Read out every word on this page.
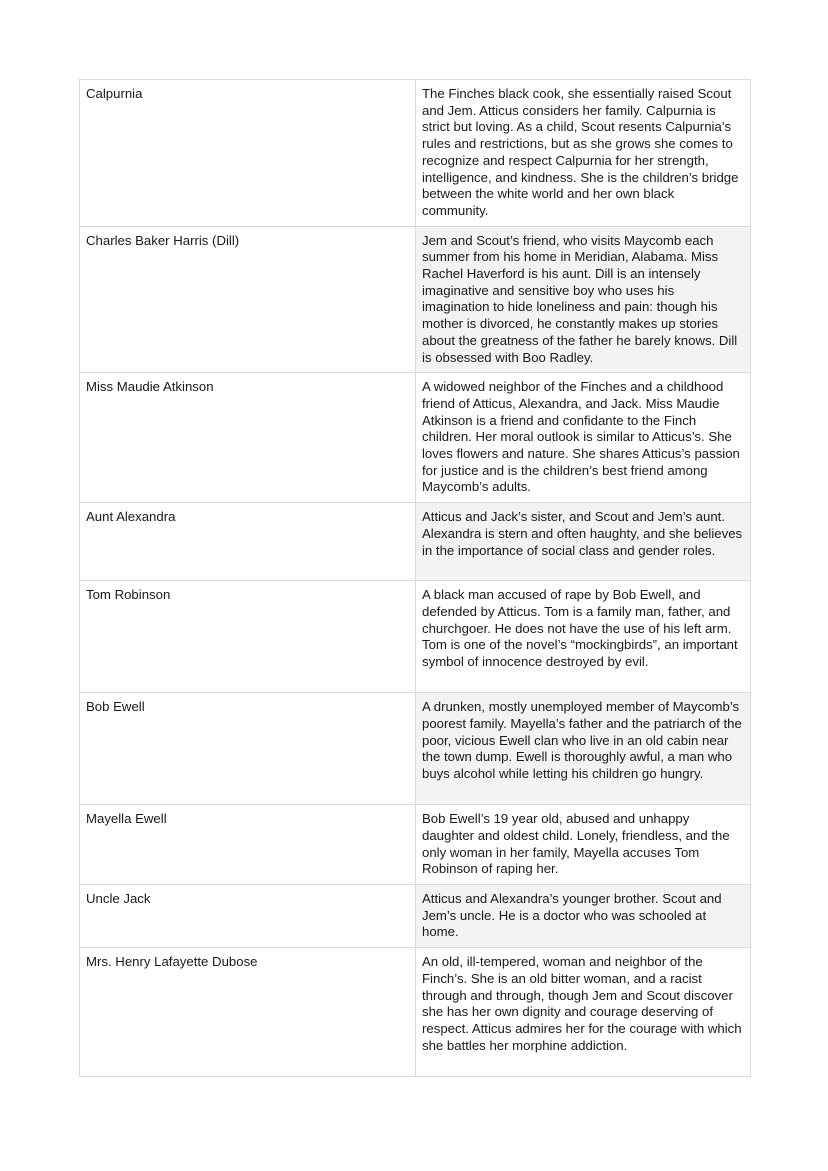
Calpurnia	The Finches black cook, she essentially raised Scout and Jem. Atticus considers her family. Calpurnia is strict but loving. As a child, Scout resents Calpurnia’s rules and restrictions, but as she grows she comes to recognize and respect Calpurnia for her strength, intelligence, and kindness. She is the children’s bridge between the white world and her own black community.
Charles Baker Harris (Dill)	Jem and Scout’s friend, who visits Maycomb each summer from his home in Meridian, Alabama. Miss Rachel Haverford is his aunt. Dill is an intensely imaginative and sensitive boy who uses his imagination to hide loneliness and pain: though his mother is divorced, he constantly makes up stories about the greatness of the father he barely knows. Dill is obsessed with Boo Radley.
Miss Maudie Atkinson	A widowed neighbor of the Finches and a childhood friend of Atticus, Alexandra, and Jack. Miss Maudie Atkinson is a friend and confidante to the Finch children. Her moral outlook is similar to Atticus’s. She loves flowers and nature. She shares Atticus’s passion for justice and is the children’s best friend among Maycomb’s adults.
Aunt Alexandra	Atticus and Jack’s sister, and Scout and Jem’s aunt. Alexandra is stern and often haughty, and she believes in the importance of social class and gender roles.
Tom Robinson	A black man accused of rape by Bob Ewell, and defended by Atticus. Tom is a family man, father, and churchgoer. He does not have the use of his left arm. Tom is one of the novel’s “mockingbirds”, an important symbol of innocence destroyed by evil.
Bob Ewell	A drunken, mostly unemployed member of Maycomb’s poorest family. Mayella’s father and the patriarch of the poor, vicious Ewell clan who live in an old cabin near the town dump. Ewell is thoroughly awful, a man who buys alcohol while letting his children go hungry.
Mayella Ewell	Bob Ewell’s 19 year old, abused and unhappy daughter and oldest child. Lonely, friendless, and the only woman in her family, Mayella accuses Tom Robinson of raping her.
Uncle Jack	Atticus and Alexandra’s younger brother. Scout and Jem’s uncle. He is a doctor who was schooled at home.
Mrs. Henry Lafayette Dubose	An old, ill-tempered, woman and neighbor of the Finch’s. She is an old bitter woman, and a racist through and through, though Jem and Scout discover she has her own dignity and courage deserving of respect. Atticus admires her for the courage with which she battles her morphine addiction.
